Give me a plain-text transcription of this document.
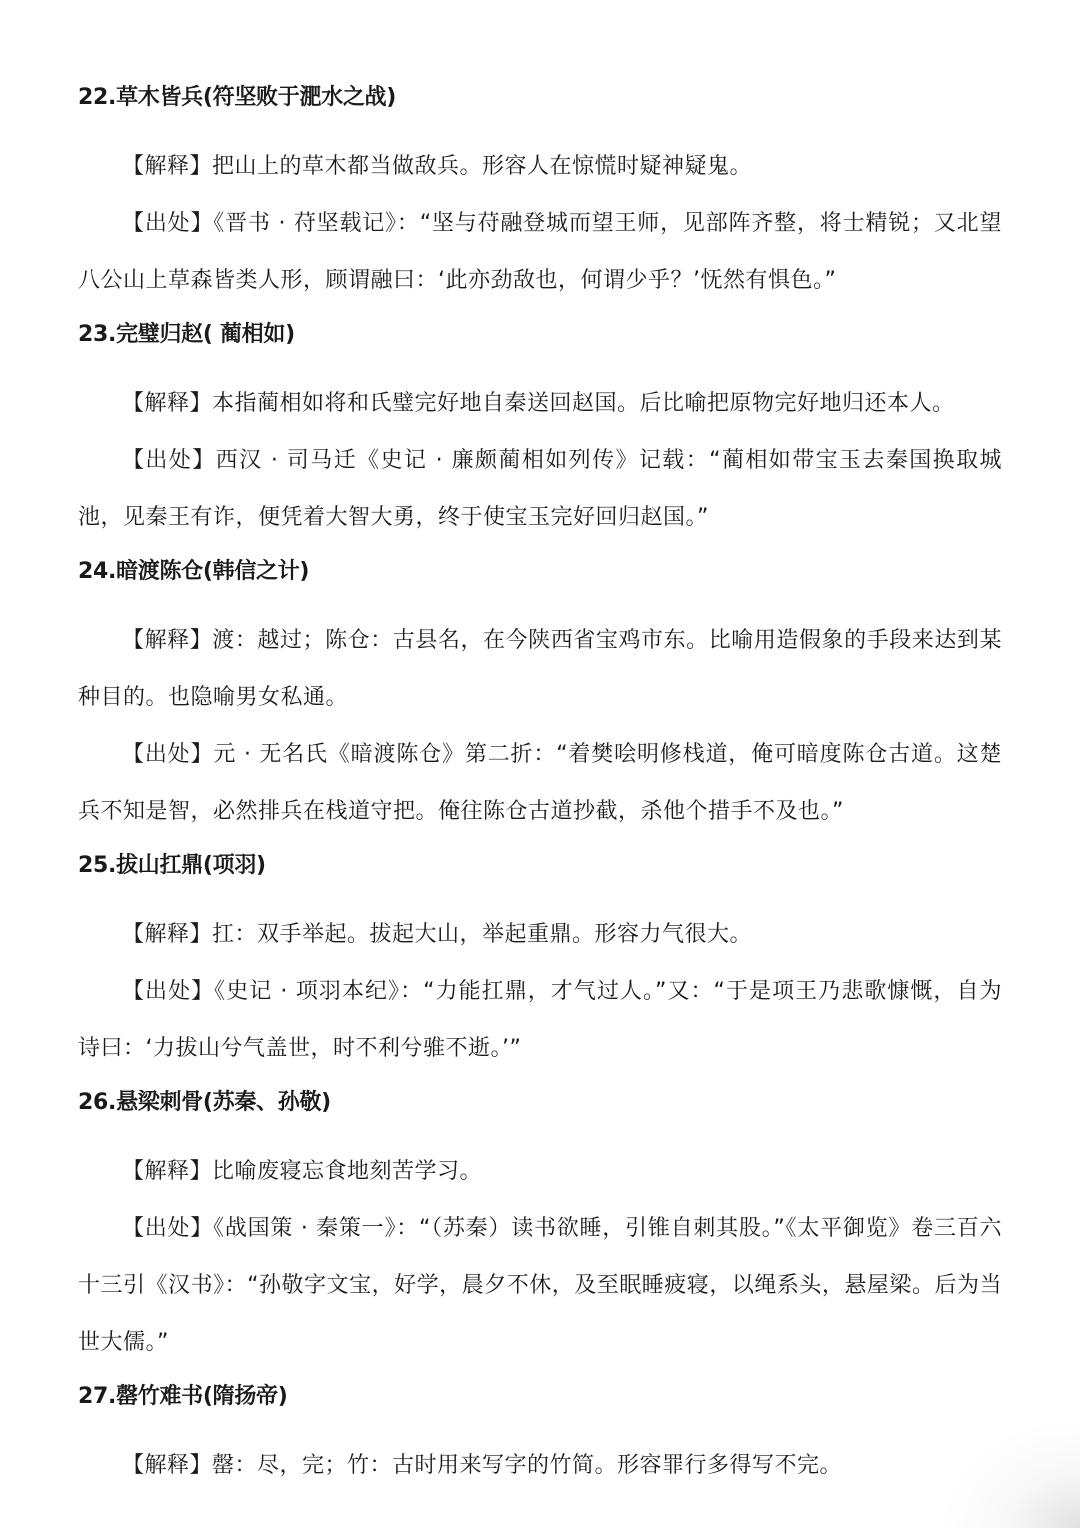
22.草木皆兵(符坚败于淝水之战)

【解释】把山上的草木都当做敌兵。形容人在惊慌时疑神疑鬼。

【出处】《晋书 · 苻坚载记》：“坚与苻融登城而望王师，见部阵齐整，将士精锐；又北望八公山上草森皆类人形，顾谓融曰：‘此亦劲敌也，何谓少乎？’怃然有惧色。”

23.完璧归赵( 蔺相如)

【解释】本指蔺相如将和氏璧完好地自秦送回赵国。后比喻把原物完好地归还本人。

【出处】西汉 · 司马迁《史记 · 廉颇蔺相如列传》记载：“蔺相如带宝玉去秦国换取城池，见秦王有诈，便凭着大智大勇，终于使宝玉完好回归赵国。”

24.暗渡陈仓(韩信之计)

【解释】渡：越过；陈仓：古县名，在今陕西省宝鸡市东。比喻用造假象的手段来达到某种目的。也隐喻男女私通。

【出处】元 · 无名氏《暗渡陈仓》第二折：“着樊哙明修栈道，俺可暗度陈仓古道。这楚兵不知是智，必然排兵在栈道守把。俺往陈仓古道抄截，杀他个措手不及也。”

25.拔山扛鼎(项羽)

【解释】扛：双手举起。拔起大山，举起重鼎。形容力气很大。

【出处】《史记 · 项羽本纪》：“力能扛鼎，才气过人。”又：“于是项王乃悲歌慷慨，自为诗曰：‘力拔山兮气盖世，时不利兮骓不逝。’”

26.悬梁刺骨(苏秦、孙敬)

【解释】比喻废寝忘食地刻苦学习。

【出处】《战国策 · 秦策一》：“（苏秦）读书欲睡，引锥自刺其股。”《太平御览》卷三百六十三引《汉书》：“孙敬字文宝，好学，晨夕不休，及至眠睡疲寝，以绳系头，悬屋梁。后为当世大儒。”

27.罄竹难书(隋扬帝)

【解释】罄：尽，完；竹：古时用来写字的竹简。形容罪行多得写不完。
